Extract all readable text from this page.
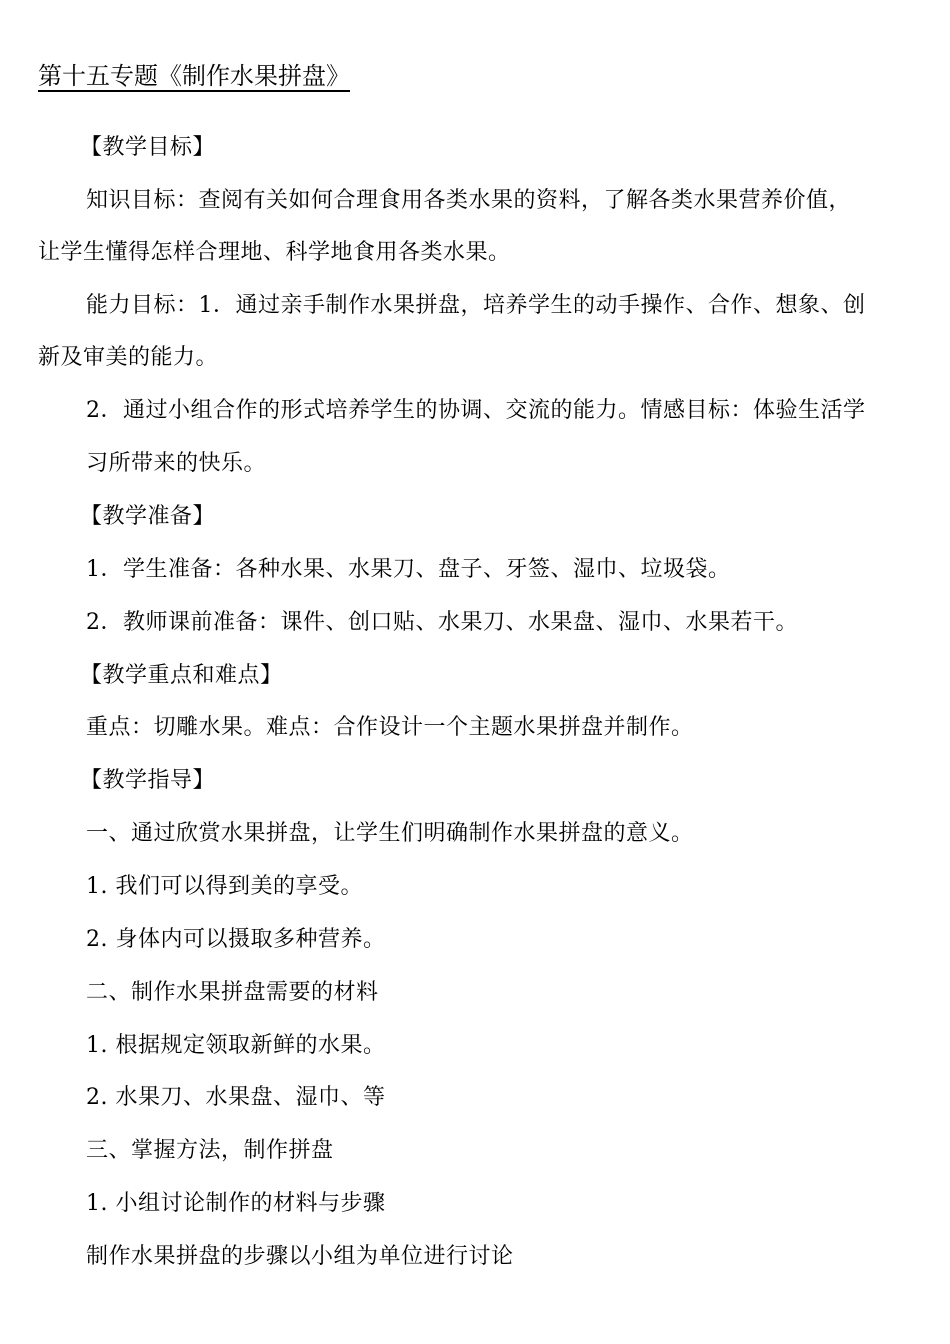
第十五专题《制作水果拼盘》
【教学目标】
知识目标：查阅有关如何合理食用各类水果的资料，了解各类水果营养价值，
让学生懂得怎样合理地、科学地食用各类水果。
能力目标：1．通过亲手制作水果拼盘，培养学生的动手操作、合作、想象、创
新及审美的能力。
2．通过小组合作的形式培养学生的协调、交流的能力。情感目标：体验生活学
习所带来的快乐。
【教学准备】
1．学生准备：各种水果、水果刀、盘子、牙签、湿巾、垃圾袋。
2．教师课前准备：课件、创口贴、水果刀、水果盘、湿巾、水果若干。
【教学重点和难点】
重点：切雕水果。难点：合作设计一个主题水果拼盘并制作。
【教学指导】
一、通过欣赏水果拼盘，让学生们明确制作水果拼盘的意义。
1. 我们可以得到美的享受。
2. 身体内可以摄取多种营养。
二、制作水果拼盘需要的材料
1. 根据规定领取新鲜的水果。
2. 水果刀、水果盘、湿巾、等
三、掌握方法，制作拼盘
1. 小组讨论制作的材料与步骤
制作水果拼盘的步骤以小组为单位进行讨论
